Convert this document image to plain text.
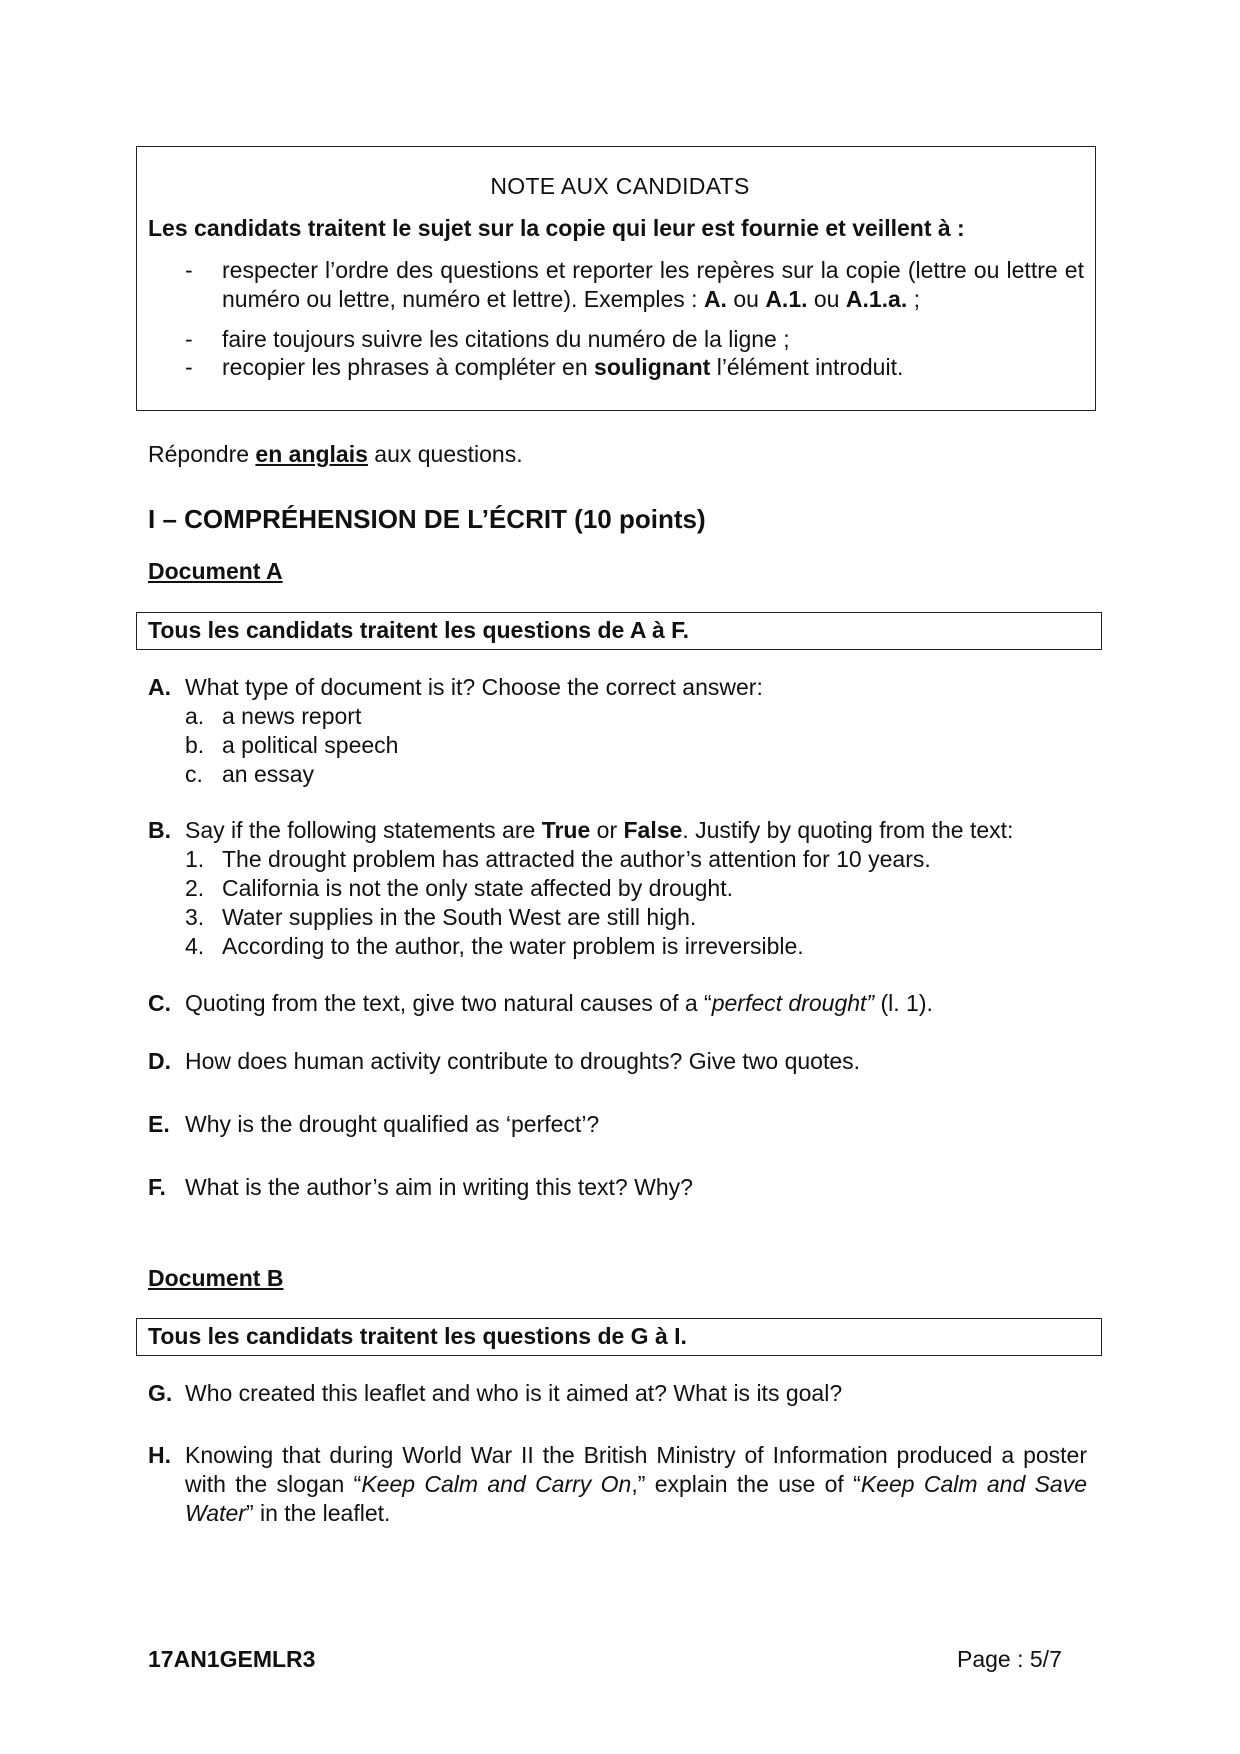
NOTE AUX CANDIDATS
Les candidats traitent le sujet sur la copie qui leur est fournie et veillent à :
- respecter l’ordre des questions et reporter les repères sur la copie (lettre ou lettre et numéro ou lettre, numéro et lettre). Exemples : A. ou A.1. ou A.1.a. ;
- faire toujours suivre les citations du numéro de la ligne ;
- recopier les phrases à compléter en soulignant l’élément introduit.
Répondre en anglais aux questions.
I – COMPRÉHENSION DE L’ÉCRIT (10 points)
Document A
Tous les candidats traitent les questions de A à F.
A. What type of document is it? Choose the correct answer:
a. a news report
b. a political speech
c. an essay
B. Say if the following statements are True or False. Justify by quoting from the text:
1. The drought problem has attracted the author’s attention for 10 years.
2. California is not the only state affected by drought.
3. Water supplies in the South West are still high.
4. According to the author, the water problem is irreversible.
C. Quoting from the text, give two natural causes of a “perfect drought” (l. 1).
D. How does human activity contribute to droughts? Give two quotes.
E. Why is the drought qualified as ‘perfect’?
F. What is the author’s aim in writing this text? Why?
Document B
Tous les candidats traitent les questions de G à I.
G. Who created this leaflet and who is it aimed at? What is its goal?
H. Knowing that during World War II the British Ministry of Information produced a poster with the slogan “Keep Calm and Carry On,” explain the use of “Keep Calm and Save Water” in the leaflet.
17AN1GEMLR3	Page : 5/7
